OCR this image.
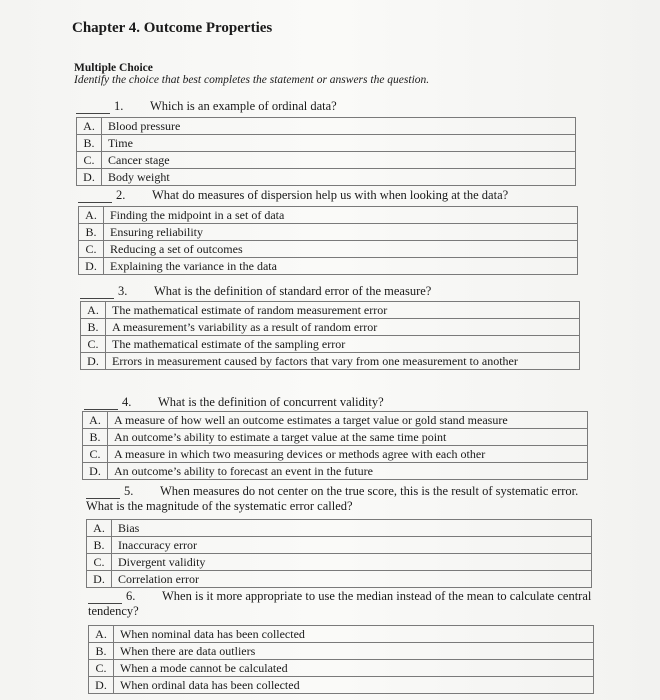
Chapter 4. Outcome Properties
Multiple Choice
Identify the choice that best completes the statement or answers the question.
1. Which is an example of ordinal data?
A.	Blood pressure
B.	Time
C.	Cancer stage
D.	Body weight
2. What do measures of dispersion help us with when looking at the data?
A.	Finding the midpoint in a set of data
B.	Ensuring reliability
C.	Reducing a set of outcomes
D.	Explaining the variance in the data
3. What is the definition of standard error of the measure?
A.	The mathematical estimate of random measurement error
B.	A measurement’s variability as a result of random error
C.	The mathematical estimate of the sampling error
D.	Errors in measurement caused by factors that vary from one measurement to another
4. What is the definition of concurrent validity?
A.	A measure of how well an outcome estimates a target value or gold stand measure
B.	An outcome’s ability to estimate a target value at the same time point
C.	A measure in which two measuring devices or methods agree with each other
D.	An outcome’s ability to forecast an event in the future
5. When measures do not center on the true score, this is the result of systematic error.
What is the magnitude of the systematic error called?
A.	Bias
B.	Inaccuracy error
C.	Divergent validity
D.	Correlation error
6. When is it more appropriate to use the median instead of the mean to calculate central
tendency?
A.	When nominal data has been collected
B.	When there are data outliers
C.	When a mode cannot be calculated
D.	When ordinal data has been collected
